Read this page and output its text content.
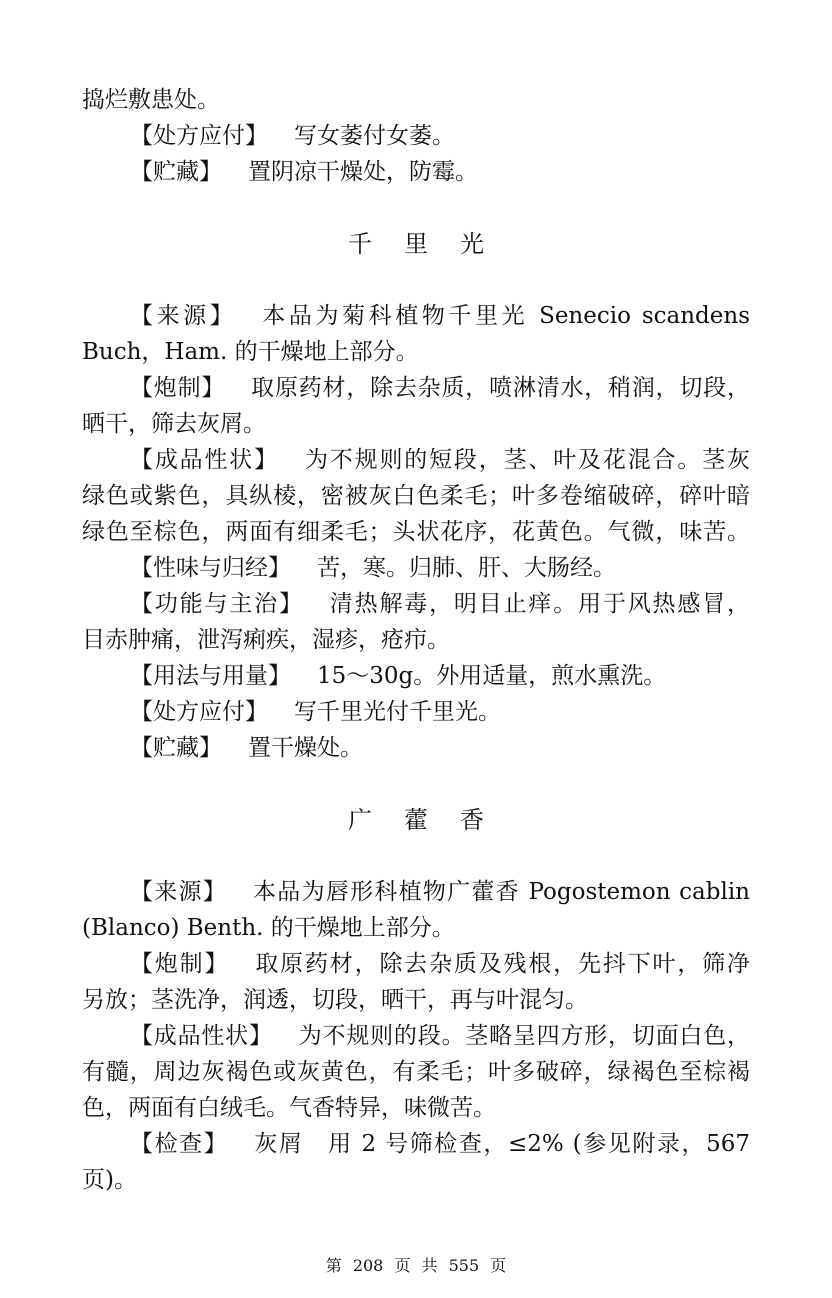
捣烂敷患处。
【处方应付】 写女萎付女萎。
【贮藏】 置阴凉干燥处，防霉。
千里光
【来源】 本品为菊科植物千里光 Senecio scandens
Buch，Ham. 的干燥地上部分。
【炮制】 取原药材，除去杂质，喷淋清水，稍润，切段，
晒干，筛去灰屑。
【成品性状】 为不规则的短段，茎、叶及花混合。茎灰
绿色或紫色，具纵棱，密被灰白色柔毛；叶多卷缩破碎，碎叶暗
绿色至棕色，两面有细柔毛；头状花序，花黄色。气微，味苦。
【性味与归经】 苦，寒。归肺、肝、大肠经。
【功能与主治】 清热解毒，明目止痒。用于风热感冒，
目赤肿痛，泄泻痢疾，湿疹，疮疖。
【用法与用量】 15～30g。外用适量，煎水熏洗。
【处方应付】 写千里光付千里光。
【贮藏】 置干燥处。
广藿香
【来源】 本品为唇形科植物广藿香 Pogostemon cablin
(Blanco) Benth. 的干燥地上部分。
【炮制】 取原药材，除去杂质及残根，先抖下叶，筛净
另放；茎洗净，润透，切段，晒干，再与叶混匀。
【成品性状】 为不规则的段。茎略呈四方形，切面白色，
有髓，周边灰褐色或灰黄色，有柔毛；叶多破碎，绿褐色至棕褐
色，两面有白绒毛。气香特异，味微苦。
【检查】 灰屑　用 2 号筛检查，≤2% (参见附录，567
页)。
第 208 页 共 555 页
